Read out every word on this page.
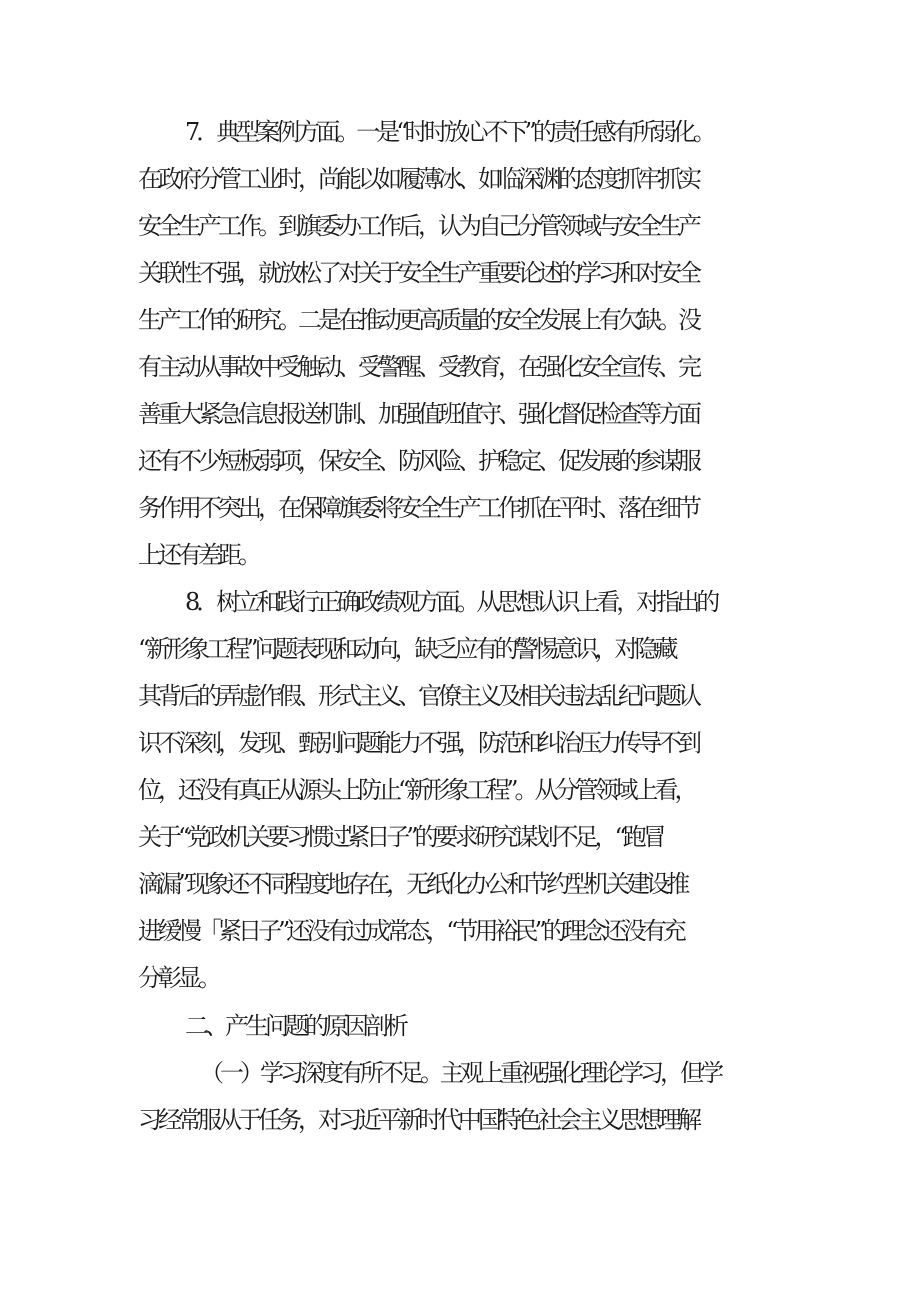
7．典型案例方面。一是“时时放心不下”的责任感有所弱化。
在政府分管工业时，尚能以如履薄冰、如临深渊的态度抓牢抓实
安全生产工作。到旗委办工作后，认为自己分管领域与安全生产
关联性不强，就放松了对关于安全生产重要论述的学习和对安全
生产工作的研究。二是在推动更高质量的安全发展上有欠缺。没
有主动从事故中受触动、受警醒、受教育，在强化安全宣传、完
善重大紧急信息报送机制、加强值班值守、强化督促检查等方面
还有不少短板弱项，保安全、防风险、护稳定、促发展的参谋服
务作用不突出，在保障旗委将安全生产工作抓在平时、落在细节
上还有差距。
8．树立和践行正确政绩观方面。从思想认识上看，对指出的
“新形象工程”问题表现和动向，缺乏应有的警惕意识，对隐藏
其背后的弄虚作假、形式主义、官僚主义及相关违法乱纪问题认
识不深刻，发现、甄别问题能力不强，防范和纠治压力传导不到
位，还没有真正从源头上防止“新形象工程”。从分管领域上看，
关于“党政机关要习惯过紧日子”的要求研究谋划不足，“跑冒
滴漏”现象还不同程度地存在，无纸化办公和节约型机关建设推
进缓慢「紧日子”还没有过成常态，“节用裕民”的理念还没有充
分彰显。
二、产生问题的原因剖析
（一）学习深度有所不足。主观上重视强化理论学习，但学
习经常服从于任务，对习近平新时代中国特色社会主义思想理解
